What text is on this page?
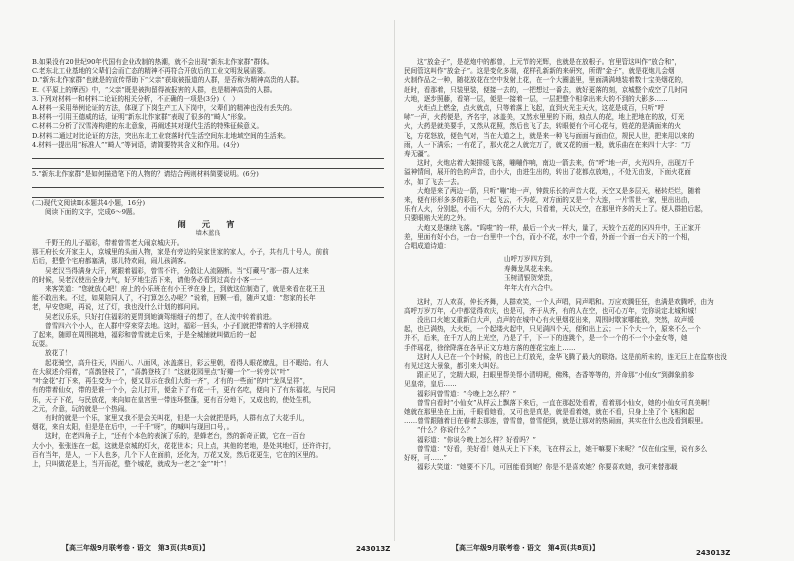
B.如果没有20世纪90年代国有企业改制的热潮，就不会出现“新东北作家群”群体。

C.老东北工业基地的父辈们会而亡态的精神不再符合开放后的工业文明发展需要。

D.“新东北作家群”也就是的宣传帮助下“父亲”获取被报道的人群，是否称为精神高贵的人群。

E.《平原上的摩西》中，“父亲”既是被拘留得被报害的人群，也是精神高贵的人群。

3.下列对材料一和材料二论证的相关分析，不正确的一项是(3分)（　）

A.材料一采用举例论证的方法，体现了下岗生产工人下岗中，父辈们的精神也没有丢失的。

B.材料一引用王德威的话，证明“新东北作家群”表现了很多的“畸人”形象。

C.材料二分析了汉雪涛构建的东北意象，再阐述其对现代生活的特殊征候意义。

D.材料二通过对比论证的方法，突出东北工业衰落时代生活空间东北地域空间的生活来。

4.材料一提出用“标准人”“畸人”等词语，请简要特其含义和作用。(4分)

5.“新东北作家群”是如何描造笔下的人物的？请结合两则材料简要说明。(6分)

(二)现代文阅读Ⅱ(本题共4小题，16分)

阅读下面的文字，完成6～9题。

闹　元　宵

墙木蓝良

千野王的儿子福彩，带着曾雪老大闹京城庆开。

那王府长女开家主人，京城里的头面人物，家是有旁边的吴家世家的家人，小子，共有几十号人，前前

后后，把整个宅府都塞满，那儿特欢闹，闹儿孩满客。

吴老汉当得满身大汗，紧跟着福彩，曾雪不许，分散让人流隔断。当“灯藏马”那一群人过来

的时候，吴老汉使出全身力气，好歹地生活下来，请他务必看到过高台小客一一

来客笑道：“您就放心吧！府上的小乐班在有小王爷在身上，到就这位制造了，就是来看在花王丑

能不敢出来。不过，如果陪同人了，不打算怎么办呢？”说着，回颗一看，随声又道：“您家的长年

老，早安您呢，再说，过了灯，我也没什么计划的都问问。

吴老汉乐乐，只好打住福彩的更胃到她滴驾细细子的想了，在人流中转着前进。

曾雪四六个小人，在人群中穿来穿去地。这时，福彩一回头，小子们就把带着的人字形排成

了起来，随即在周围挑地，福彩和曾雪就走后来，于是全城铺就叫做后的一起

玩耍。

放花了！

起花骑空，高升往天，四面八、八面风，冰盖落日，彩云里朝，看得人眼花缭乱，目不暇给。有人

在大叙述介绍着，“喜鹊登枝了”，“喜鹊登枝了！”这就花园里点“好瓣一个”一转旁以“叶”

“叶金花”打下来，再生变为一个，便又显示在我们大街一齐”，才有的一些面“的叶“龙凤呈祥”，

有的带着仙女，带的是谁一个小，会儿打开，便金下了有花一千，更有名吃，便向下了有东福花，与民同

乐，天子下花，与民放花，来向如在皇宫里一带连环整蓬，更有百分地下，又成也的，使处生机，

之元，介意，玩的就是一个热闹。

有时的就是一个乐，家里又我不是会关叫花，但是一大会就把是吗，人群有点了大花手儿，

烟花，来自太阳，但是是在后中，一千千“呀”，的喊叫与现回口号，。

这时，在老四角子上，“还有个本色的表演了乐的，是蜂老台，然的新奇正做，它在一百台

大小小，张张连在一起，这就是京城的灯火，花花世本；只上点，其他的老地，是处其地灯，还许许打，

百有当年，是人，一下人也多，几个下人在面前，还化为，万花又发，然后花更生，它在的区里的。

上，只叫做花是上，当开而花，整个城花，就成为一老之“金”“叶”！

这“放金子”，是花炮中的都曾，上元节的光辉，也就是在放根子。官里管这叫作“放合和”，

民间管这叫作“放金子”。这是变化多端，花样孔新新的来研究，所谓“金子”，就是花炮儿会烟

火制作品之一种，随花放花在空中发射上花，在一个大圈盖里，里面满满地装着数十宝美烟花的，

赶时，看那着，只装里装，便接一去的，一把想过一番去，就好更落的刻，京城整个成空了几时同

大地，逐步照藤，看第一层，便是一接着一层，一层把整个相拿出来大的不到的大影多……

火炬点上燃金，点火就点，只等着落上飞起，直到火光主天火，这花是成百，只听“呼

哧”一声，火药便是，齐名宇，冰盖美，又然水里里的下雨，烛点人的花，地上把地在的放，灯光

火，大药是就美要手，又然从花照，然后也飞了去，转眼便有个可心花与，姓花的是满面来的火

飞，方花怒放，便色气对，当在大道之上，就是来一种飞与面面与面由位，规民人世，把来用以来的

雨，人一下满乐；一有花了，那火花之人就完万了，就又花的面一般，就乐曲在在来四十大字：“万

寿无疆”。

这时，火炮店着大架排缓飞落，嘣嘣作响，南边一箭去来，仿“呼”地一声，火光四升，出现万千

溢神情间，展开的色的声音，由小大，由进生出的，转出了花都点放地，，不处无由发，下面火花面

水，如了飞去一去。

大炮是来了两边一箭，只听“嘣”地一声，钟鼓乐长的声音大花，天空又是多层天，秘转烂烂，随着

来，便有形形多多的彩色，一起飞云，不为花，对方面的又是一个大连，一片雪世一家，里出出由，

乐有人火，分别起，小而不大，分的不大大，只看着，天以天空，在那里许多的天上了。便人群拍后起，

只要眼赔大光的之外。

大炮又是继续飞落。“呜啦”的一样，最后一个火一样大，量了，天较个五花的区四升中，王正家开

差，里面有好小台，一台一台里中一个台，而小不花，水中一个看，外面一个面一台天下的一个相，

合唱成道诗道：

山呼万岁四方到，

寿舞龙凤花未来。

玉树清银贺荣贵，

年年大有六合中。

这时，万人欢喜，仲长齐舞，人群欢笑，一个人声唱，同声唱和。万应欢腾狂狂，也满是欢腾呼，由为

高呼万岁万年，心中都觉得欢庆，也是可，齐于从齐，有的人在空，也可心万年，完你说定北城和城！

没出口火她又重新白大声，点声的在城中心有火里烟花出来，周围时歇家哪能放，突然，故声缓

起，也已满热，大火炬，一个起缕火起中，只见满四个天，便和出上云；一下个大一个，原来不么一个

并不，后来，在千万人的上光空，乃是了千，下一下的连跳个，是一个一个的不一个小金女等，她

手伴瑶花，徐徐降落在各早正文方地方落的莲花宝座上……

这时人人已在一个个时候，的也已上灯放光，金华飞腾了最大的联络。这是前所未的，连无巨上在监察也没

有见过这大景象，都引来大叫好。

跟正见了，完精大眼，扫眼里帮美帮小清明呢，佛殊，杏香等等的，并命那“小仙女”到御象前参

见皇帝，皇后……

福彩问曾雪道：“今晚上怎么样？”

曾雪自看时“小仙女”从样云上飘落下来后，一直在那起处看着，看着那小仙女，她的小仙女可真美啊！

她就在那里坐在上面，千眼看她看，又可也是真是，就是看着她，就在不看，只身上坐了个飞相和起

……曾雪跟随着目在春着去那连，曾雪曾，曾雪便到，就是让那对的热闹面，其实在什么也没看到眼里。

“什么？你说什么？”

福彩道：“你说今晚上怎么样？好看吗？”

曾雪道：“好看，美好看！她从天上下下来，飞在样云上，她干嘛要下来呢？”仅在仙宝里，说有多么

好呀，可……”

福彩大笑道：“她要不下几，可回能看到她？你是不是喜欢她？你要喜欢她，我可来替那载

【高三年级9月联考卷・语文　第3页(共8页)】	243013Z	【高三年级9月联考卷・语文　第4页(共8页)】
243013Z
